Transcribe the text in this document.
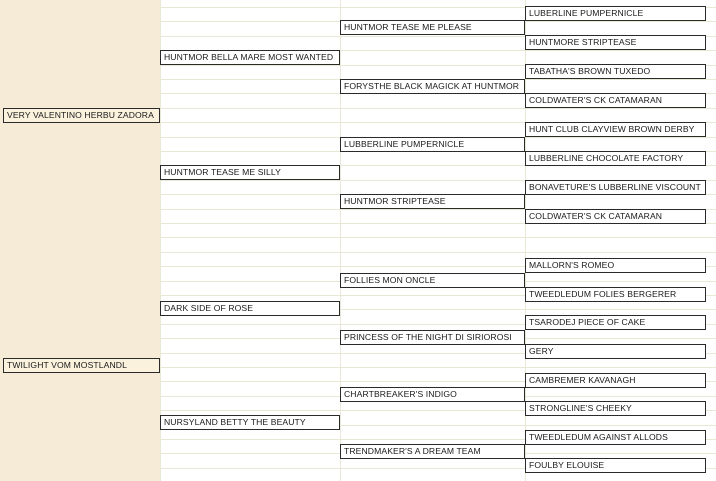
VERY VALENTINO HERBU ZADORA
TWILIGHT VOM MOSTLANDL
HUNTMOR BELLA MARE MOST WANTED
HUNTMOR TEASE ME SILLY
DARK SIDE OF ROSE
NURSYLAND BETTY THE BEAUTY
HUNTMOR TEASE ME PLEASE
FORYSTHE BLACK MAGICK AT HUNTMOR
LUBBERLINE PUMPERNICLE
HUNTMOR STRIPTEASE
FOLLIES MON ONCLE
PRINCESS OF THE NIGHT DI SIRIOROSI
CHARTBREAKER'S INDIGO
TRENDMAKER'S A DREAM TEAM
LUBERLINE PUMPERNICLE
HUNTMORE STRIPTEASE
TABATHA'S BROWN TUXEDO
COLDWATER'S CK CATAMARAN
HUNT CLUB CLAYVIEW BROWN DERBY
LUBBERLINE CHOCOLATE FACTORY
BONAVETURE'S LUBBERLINE VISCOUNT
COLDWATER'S CK CATAMARAN
MALLORN'S ROMEO
TWEEDLEDUM FOLIES BERGERER
TSARODEJ PIECE OF CAKE
GERY
CAMBREMER KAVANAGH
STRONGLINE'S CHEEKY
TWEEDLEDUM AGAINST ALLODS
FOULBY ELOUISE
